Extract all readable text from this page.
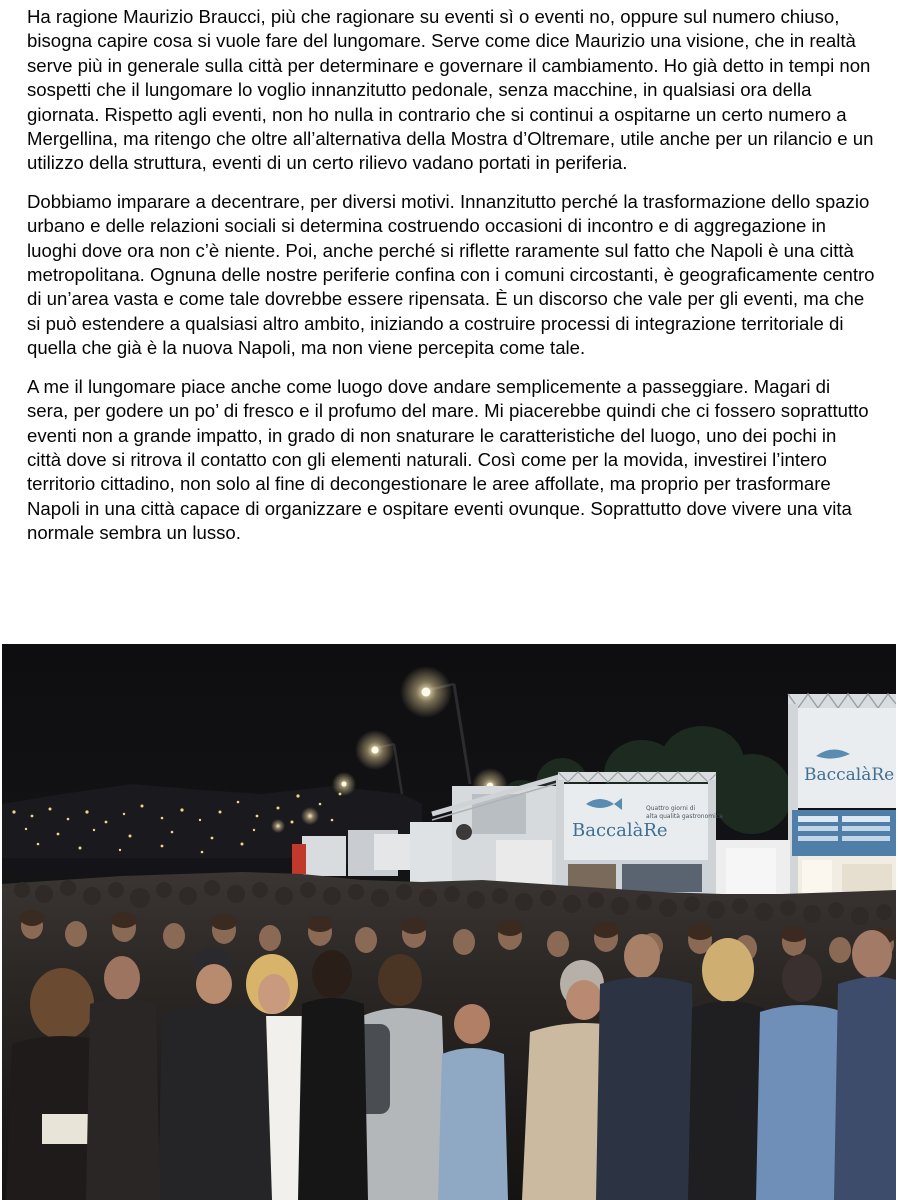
Ha ragione Maurizio Braucci, più che ragionare su eventi sì o eventi no, oppure sul numero chiuso, bisogna capire cosa si vuole fare del lungomare. Serve come dice Maurizio una visione, che in realtà serve più in generale sulla città per determinare e governare il cambiamento. Ho già detto in tempi non sospetti che il lungomare lo voglio innanzitutto pedonale, senza macchine, in qualsiasi ora della giornata. Rispetto agli eventi, non ho nulla in contrario che si continui a ospitarne un certo numero a Mergellina, ma ritengo che oltre all’alternativa della Mostra d’Oltremare, utile anche per un rilancio e un utilizzo della struttura, eventi di un certo rilievo vadano portati in periferia.

Dobbiamo imparare a decentrare, per diversi motivi. Innanzitutto perché la trasformazione dello spazio urbano e delle relazioni sociali si determina costruendo occasioni di incontro e di aggregazione in luoghi dove ora non c’è niente. Poi, anche perché si riflette raramente sul fatto che Napoli è una città metropolitana. Ognuna delle nostre periferie confina con i comuni circostanti, è geograficamente centro di un’area vasta e come tale dovrebbe essere ripensata. È un discorso che vale per gli eventi, ma che si può estendere a qualsiasi altro ambito, iniziando a costruire processi di integrazione territoriale di quella che già è la nuova Napoli, ma non viene percepita come tale.

A me il lungomare piace anche come luogo dove andare semplicemente a passeggiare. Magari di sera, per godere un po’ di fresco e il profumo del mare. Mi piacerebbe quindi che ci fossero soprattutto eventi non a grande impatto, in grado di non snaturare le caratteristiche del luogo, uno dei pochi in città dove si ritrova il contatto con gli elementi naturali. Così come per la movida, investirei l’intero territorio cittadino, non solo al fine di decongestionare le aree affollate, ma proprio per trasformare Napoli in una città capace di organizzare e ospitare eventi ovunque. Soprattutto dove vivere una vita normale sembra un lusso.

BaccalàRe
Quattro giorni di
alta qualità gastronomica
BaccalàRe
